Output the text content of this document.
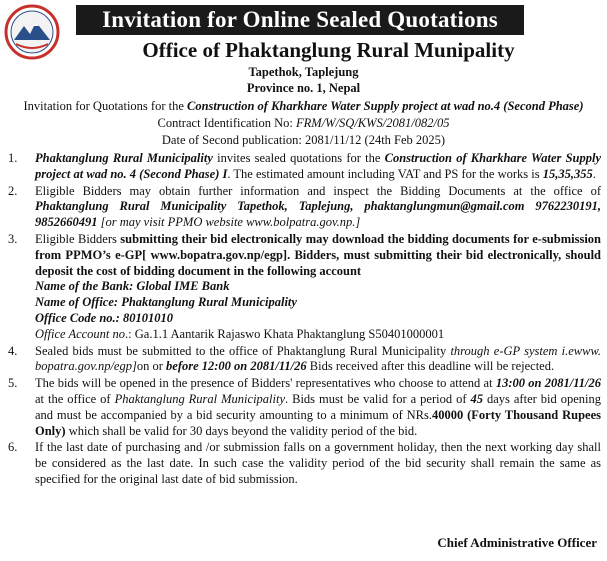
Invitation for Online Sealed Quotations
Office of Phaktanglung Rural Munipality
Tapethok, Taplejung
Province no. 1, Nepal
Invitation for Quotations for the Construction of Kharkhare Water Supply project at wad no.4 (Second Phase)
Contract Identification No: FRM/W/SQ/KWS/2081/082/05
Date of Second publication: 2081/11/12 (24th Feb 2025)
1.	Phaktanglung Rural Municipality invites sealed quotations for the Construction of Kharkhare Water Supply project at wad no. 4 (Second Phase) I. The estimated amount including VAT and PS for the works is 15,35,355.
2.	Eligible Bidders may obtain further information and inspect the Bidding Documents at the office of Phaktanglung Rural Municipality Tapethok, Taplejung, phaktanglungmun@gmail.com 9762230191, 9852660491 [or may visit PPMO website www.bolpatra.gov.np.]
3.	Eligible Bidders submitting their bid electronically may download the bidding documents for e-submission from PPMO’s e-GP[ www.bopatra.gov.np/egp]. Bidders, must submitting their bid electronically, should deposit the cost of bidding document in the following account

Name of the Bank: Global IME Bank

Name of Office: Phaktanglung Rural Municipality

Office Code no.: 80101010

Office Account no.: Ga.1.1 Aantarik Rajaswo Khata Phaktanglung S50401000001

4.	Sealed bids must be submitted to the office of Phaktanglung Rural Municipality through e-GP system i.ewww. bopatra.gov.np/egp]on or before 12:00 on 2081/11/26 Bids received after this deadline will be rejected.
5.	The bids will be opened in the presence of Bidders' representatives who choose to attend at 13:00 on 2081/11/26 at the office of Phaktanglung Rural Municipality. Bids must be valid for a period of 45 days after bid opening and must be accompanied by a bid security amounting to a minimum of NRs.40000 (Forty Thousand Rupees Only) which shall be valid for 30 days beyond the validity period of the bid.
6.	If the last date of purchasing and /or submission falls on a government holiday, then the next working day shall be considered as the last date. In such case the validity period of the bid security shall remain the same as specified for the original last date of bid submission.
Chief Administrative Officer
